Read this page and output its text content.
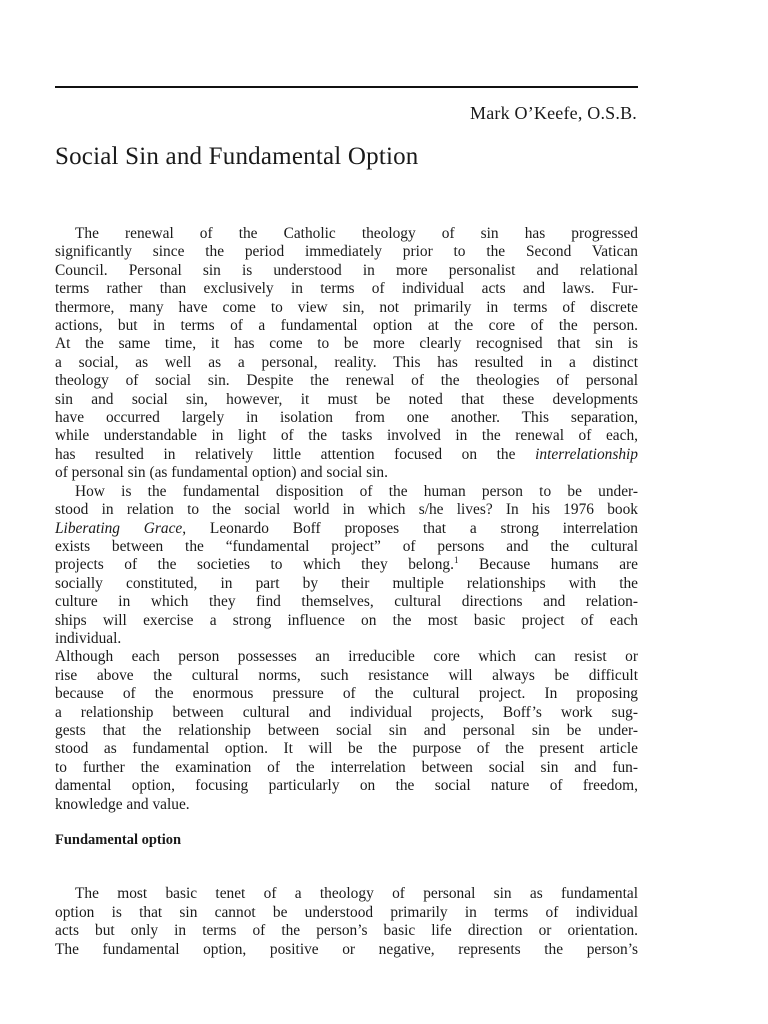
Mark O’Keefe, O.S.B.
Social Sin and Fundamental Option

The renewal of the Catholic theology of sin has progressed
significantly since the period immediately prior to the Second Vatican
Council. Personal sin is understood in more personalist and relational
terms rather than exclusively in terms of individual acts and laws. Fur-
thermore, many have come to view sin, not primarily in terms of discrete
actions, but in terms of a fundamental option at the core of the person.
At the same time, it has come to be more clearly recognised that sin is
a social, as well as a personal, reality. This has resulted in a distinct
theology of social sin. Despite the renewal of the theologies of personal
sin and social sin, however, it must be noted that these developments
have occurred largely in isolation from one another. This separation,
while understandable in light of the tasks involved in the renewal of each,
has resulted in relatively little attention focused on the interrelationship
of personal sin (as fundamental option) and social sin.

How is the fundamental disposition of the human person to be under-
stood in relation to the social world in which s/he lives? In his 1976 book
Liberating Grace, Leonardo Boff proposes that a strong interrelation
exists between the “fundamental project” of persons and the cultural
projects of the societies to which they belong.$^1$ Because humans are
socially constituted, in part by their multiple relationships with the
culture in which they find themselves, cultural directions and relation-
ships will exercise a strong influence on the most basic project of each
individual.

Although each person possesses an irreducible core which can resist or
rise above the cultural norms, such resistance will always be difficult
because of the enormous pressure of the cultural project. In proposing
a relationship between cultural and individual projects, Boff’s work sug-
gests that the relationship between social sin and personal sin be under-
stood as fundamental option. It will be the purpose of the present article
to further the examination of the interrelation between social sin and fun-
damental option, focusing particularly on the social nature of freedom,
knowledge and value.

Fundamental option

The most basic tenet of a theology of personal sin as fundamental
option is that sin cannot be understood primarily in terms of individual
acts but only in terms of the person’s basic life direction or orientation.
The fundamental option, positive or negative, represents the person’s
